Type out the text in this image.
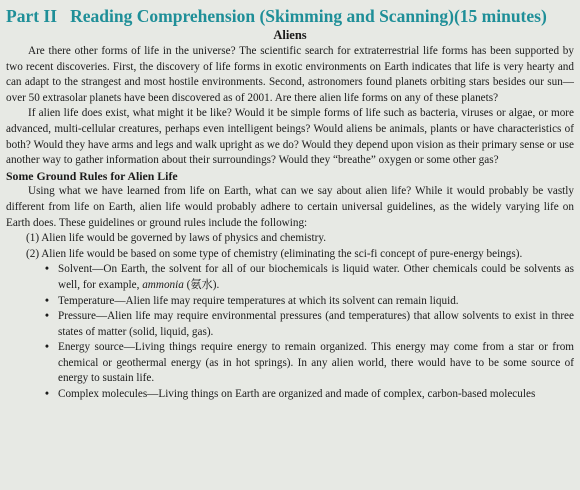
Part II Reading Comprehension (Skimming and Scanning)(15 minutes)
Aliens

Are there other forms of life in the universe? The scientific search for extraterrestrial life forms has been supported by two recent discoveries. First, the discovery of life forms in exotic environments on Earth indicates that life is very hearty and can adapt to the strangest and most hostile environments. Second, astronomers found planets orbiting stars besides our sun—over 50 extrasolar planets have been discovered as of 2001. Are there alien life forms on any of these planets?

If alien life does exist, what might it be like? Would it be simple forms of life such as bacteria, viruses or algae, or more advanced, multi-cellular creatures, perhaps even intelligent beings? Would aliens be animals, plants or have characteristics of both? Would they have arms and legs and walk upright as we do? Would they depend upon vision as their primary sense or use another way to gather information about their surroundings? Would they “breathe” oxygen or some other gas?

Some Ground Rules for Alien Life

Using what we have learned from life on Earth, what can we say about alien life? While it would probably be vastly different from life on Earth, alien life would probably adhere to certain universal guidelines, as the widely varying life on Earth does. These guidelines or ground rules include the following:

(1) Alien life would be governed by laws of physics and chemistry.

(2) Alien life would be based on some type of chemistry (eliminating the sci-fi concept of pure-energy beings).

• Solvent—On Earth, the solvent for all of our biochemicals is liquid water. Other chemicals could be solvents as well, for example, ammonia (氨水).
• Temperature—Alien life may require temperatures at which its solvent can remain liquid.
• Pressure—Alien life may require environmental pressures (and temperatures) that allow solvents to exist in three states of matter (solid, liquid, gas).
• Energy source—Living things require energy to remain organized. This energy may come from a star or from chemical or geothermal energy (as in hot springs). In any alien world, there would have to be some source of energy to sustain life.
• Complex molecules—Living things on Earth are organized and made of complex, carbon-based molecules
